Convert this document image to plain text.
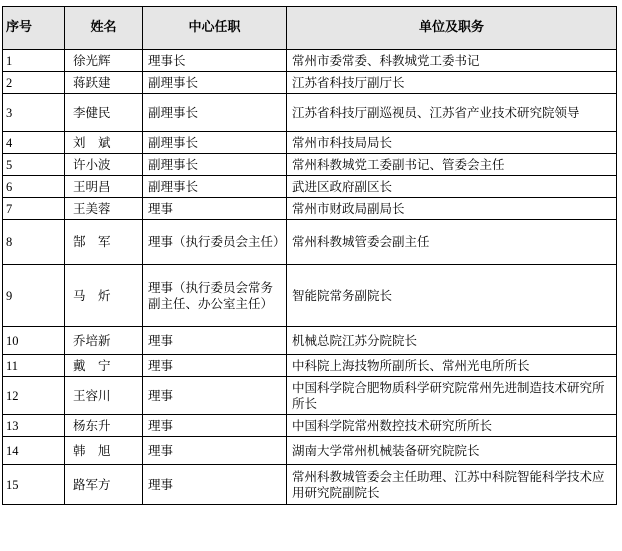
序号	姓名	中心任职	单位及职务
1	徐光辉	理事长	常州市委常委、科教城党工委书记
2	蒋跃建	副理事长	江苏省科技厅副厅长
3	李健民	副理事长	江苏省科技厅副巡视员、江苏省产业技术研究院领导
4	刘　斌	副理事长	常州市科技局局长
5	许小波	副理事长	常州科教城党工委副书记、管委会主任
6	王明昌	副理事长	武进区政府副区长
7	王美蓉	理事	常州市财政局副局长
8	郜　军	理事（执行委员会主任）	常州科教城管委会副主任
9	马　炘	理事（执行委员会常务副主任、办公室主任）	智能院常务副院长
10	乔培新	理事	机械总院江苏分院院长
11	戴　宁	理事	中科院上海技物所副所长、常州光电所所长
12	王容川	理事	中国科学院合肥物质科学研究院常州先进制造技术研究所所长
13	杨东升	理事	中国科学院常州数控技术研究所所长
14	韩　旭	理事	湖南大学常州机械装备研究院院长
15	路军方	理事	常州科教城管委会主任助理、江苏中科院智能科学技术应用研究院副院长
